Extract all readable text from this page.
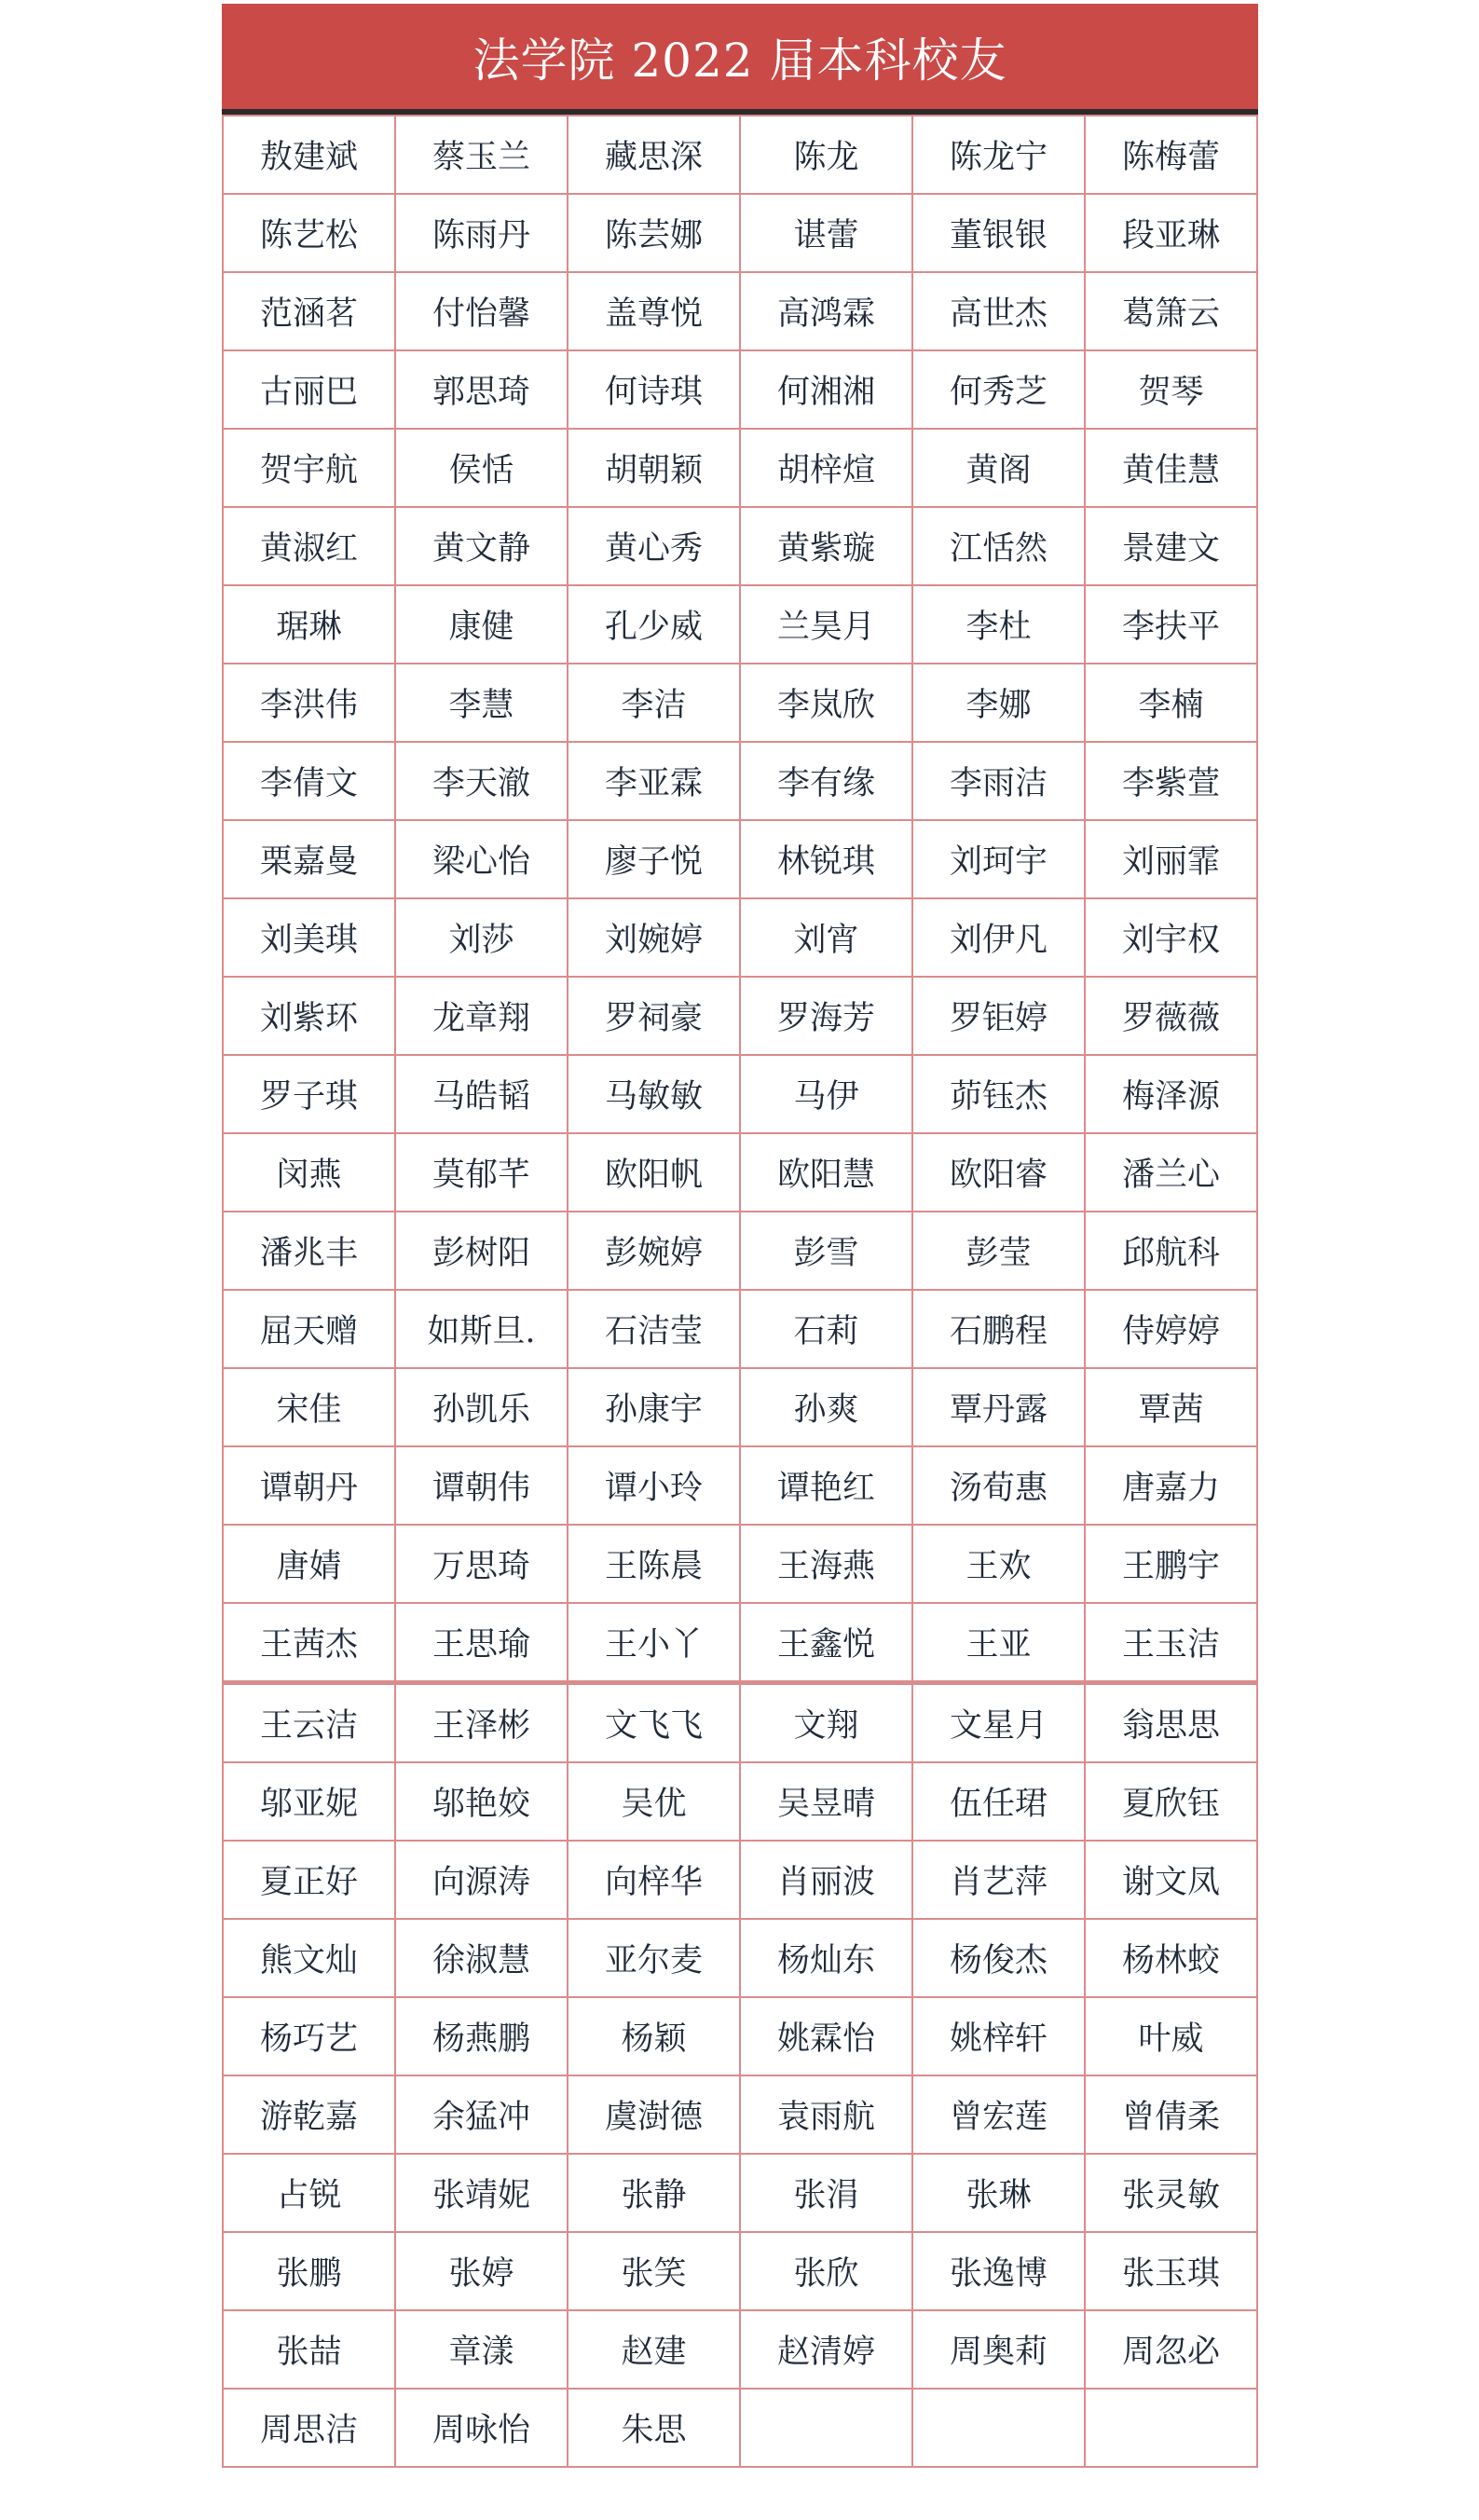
法学院 2022 届本科校友
敖建斌	蔡玉兰	藏思深	陈龙	陈龙宁	陈梅蕾
陈艺松	陈雨丹	陈芸娜	谌蕾	董银银	段亚琳
范涵茗	付怡馨	盖尊悦	高鸿霖	高世杰	葛箫云
古丽巴	郭思琦	何诗琪	何湘湘	何秀芝	贺琴
贺宇航	侯恬	胡朝颖	胡梓煊	黄阁	黄佳慧
黄淑红	黄文静	黄心秀	黄紫璇	江恬然	景建文
琚琳	康健	孔少威	兰昊月	李杜	李扶平
李洪伟	李慧	李洁	李岚欣	李娜	李楠
李倩文	李天澈	李亚霖	李有缘	李雨洁	李紫萱
栗嘉曼	梁心怡	廖子悦	林锐琪	刘珂宇	刘丽霏
刘美琪	刘莎	刘婉婷	刘宵	刘伊凡	刘宇权
刘紫环	龙章翔	罗祠豪	罗海芳	罗钜婷	罗薇薇
罗子琪	马皓韬	马敏敏	马伊	茆钰杰	梅泽源
闵燕	莫郁芊	欧阳帆	欧阳慧	欧阳睿	潘兰心
潘兆丰	彭树阳	彭婉婷	彭雪	彭莹	邱航科
屈天赠	如斯旦.	石洁莹	石莉	石鹏程	侍婷婷
宋佳	孙凯乐	孙康宇	孙爽	覃丹露	覃茜
谭朝丹	谭朝伟	谭小玲	谭艳红	汤荀惠	唐嘉力
唐婧	万思琦	王陈晨	王海燕	王欢	王鹏宇
王茜杰	王思瑜	王小丫	王鑫悦	王亚	王玉洁
王云洁	王泽彬	文飞飞	文翔	文星月	翁思思
邬亚妮	邬艳姣	吴优	吴昱晴	伍任珺	夏欣钰
夏正好	向源涛	向梓华	肖丽波	肖艺萍	谢文凤
熊文灿	徐淑慧	亚尔麦	杨灿东	杨俊杰	杨林蛟
杨巧艺	杨燕鹏	杨颖	姚霖怡	姚梓轩	叶威
游乾嘉	余猛冲	虞澍德	袁雨航	曾宏莲	曾倩柔
占锐	张靖妮	张静	张涓	张琳	张灵敏
张鹏	张婷	张笑	张欣	张逸博	张玉琪
张喆	章漾	赵建	赵清婷	周奥莉	周忽必
周思洁	周咏怡	朱思			
